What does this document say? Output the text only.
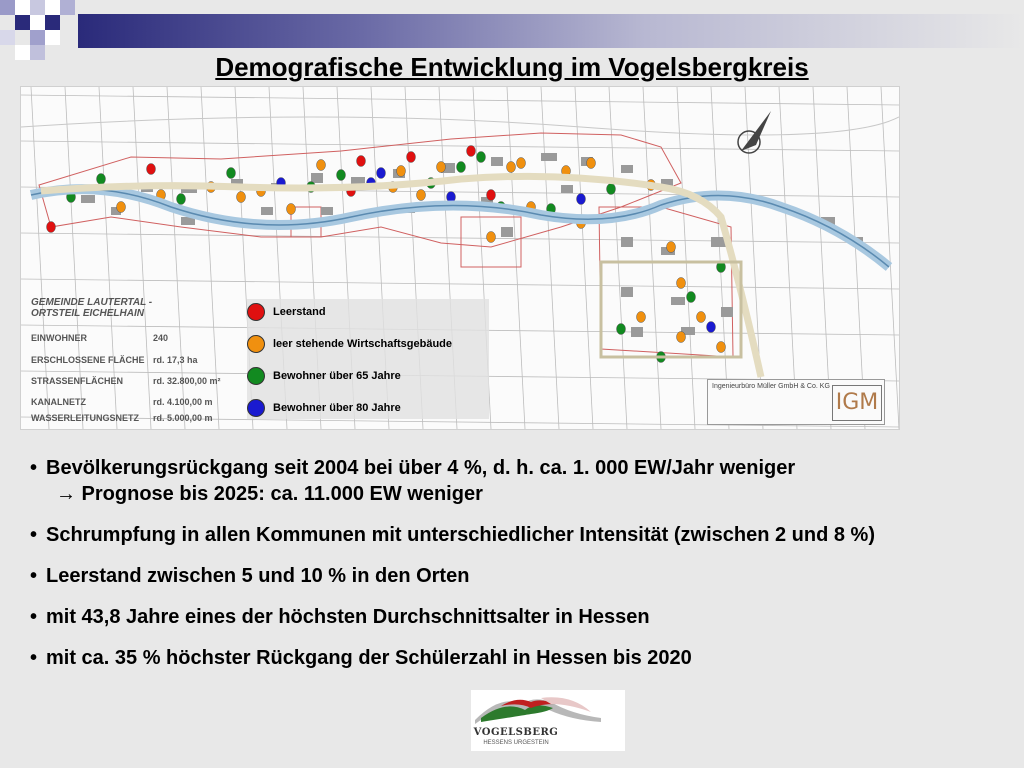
Demografische Entwicklung im Vogelsbergkreis
GEMEINDE LAUTERTAL -
ORTSTEIL EICHELHAIN
EINWOHNER	240
ERSCHLOSSENE FLÄCHE rd. 17,3 ha
STRASSENFLÄCHEN	rd. 32.800,00 m²
KANALNETZ	rd. 4.100,00 m
WASSERLEITUNGSNETZ rd. 5.000,00 m
Leerstand
leer stehende Wirtschaftsgebäude
Bewohner über 65 Jahre
Bewohner über 80 Jahre
Ingenieurbüro Müller GmbH & Co. KG
IGM
• Bevölkerungsrückgang seit 2004 bei über 4 %, d. h. ca. 1. 000 EW/Jahr weniger
→ Prognose bis 2025: ca. 11.000 EW weniger
• Schrumpfung in allen Kommunen mit unterschiedlicher Intensität (zwischen 2 und 8 %)
• Leerstand zwischen 5 und 10 % in den Orten
• mit 43,8 Jahre eines der höchsten Durchschnittsalter in Hessen
• mit ca. 35 % höchster Rückgang der Schülerzahl in Hessen bis 2020
VOGELSBERG
HESSENS URGESTEIN
